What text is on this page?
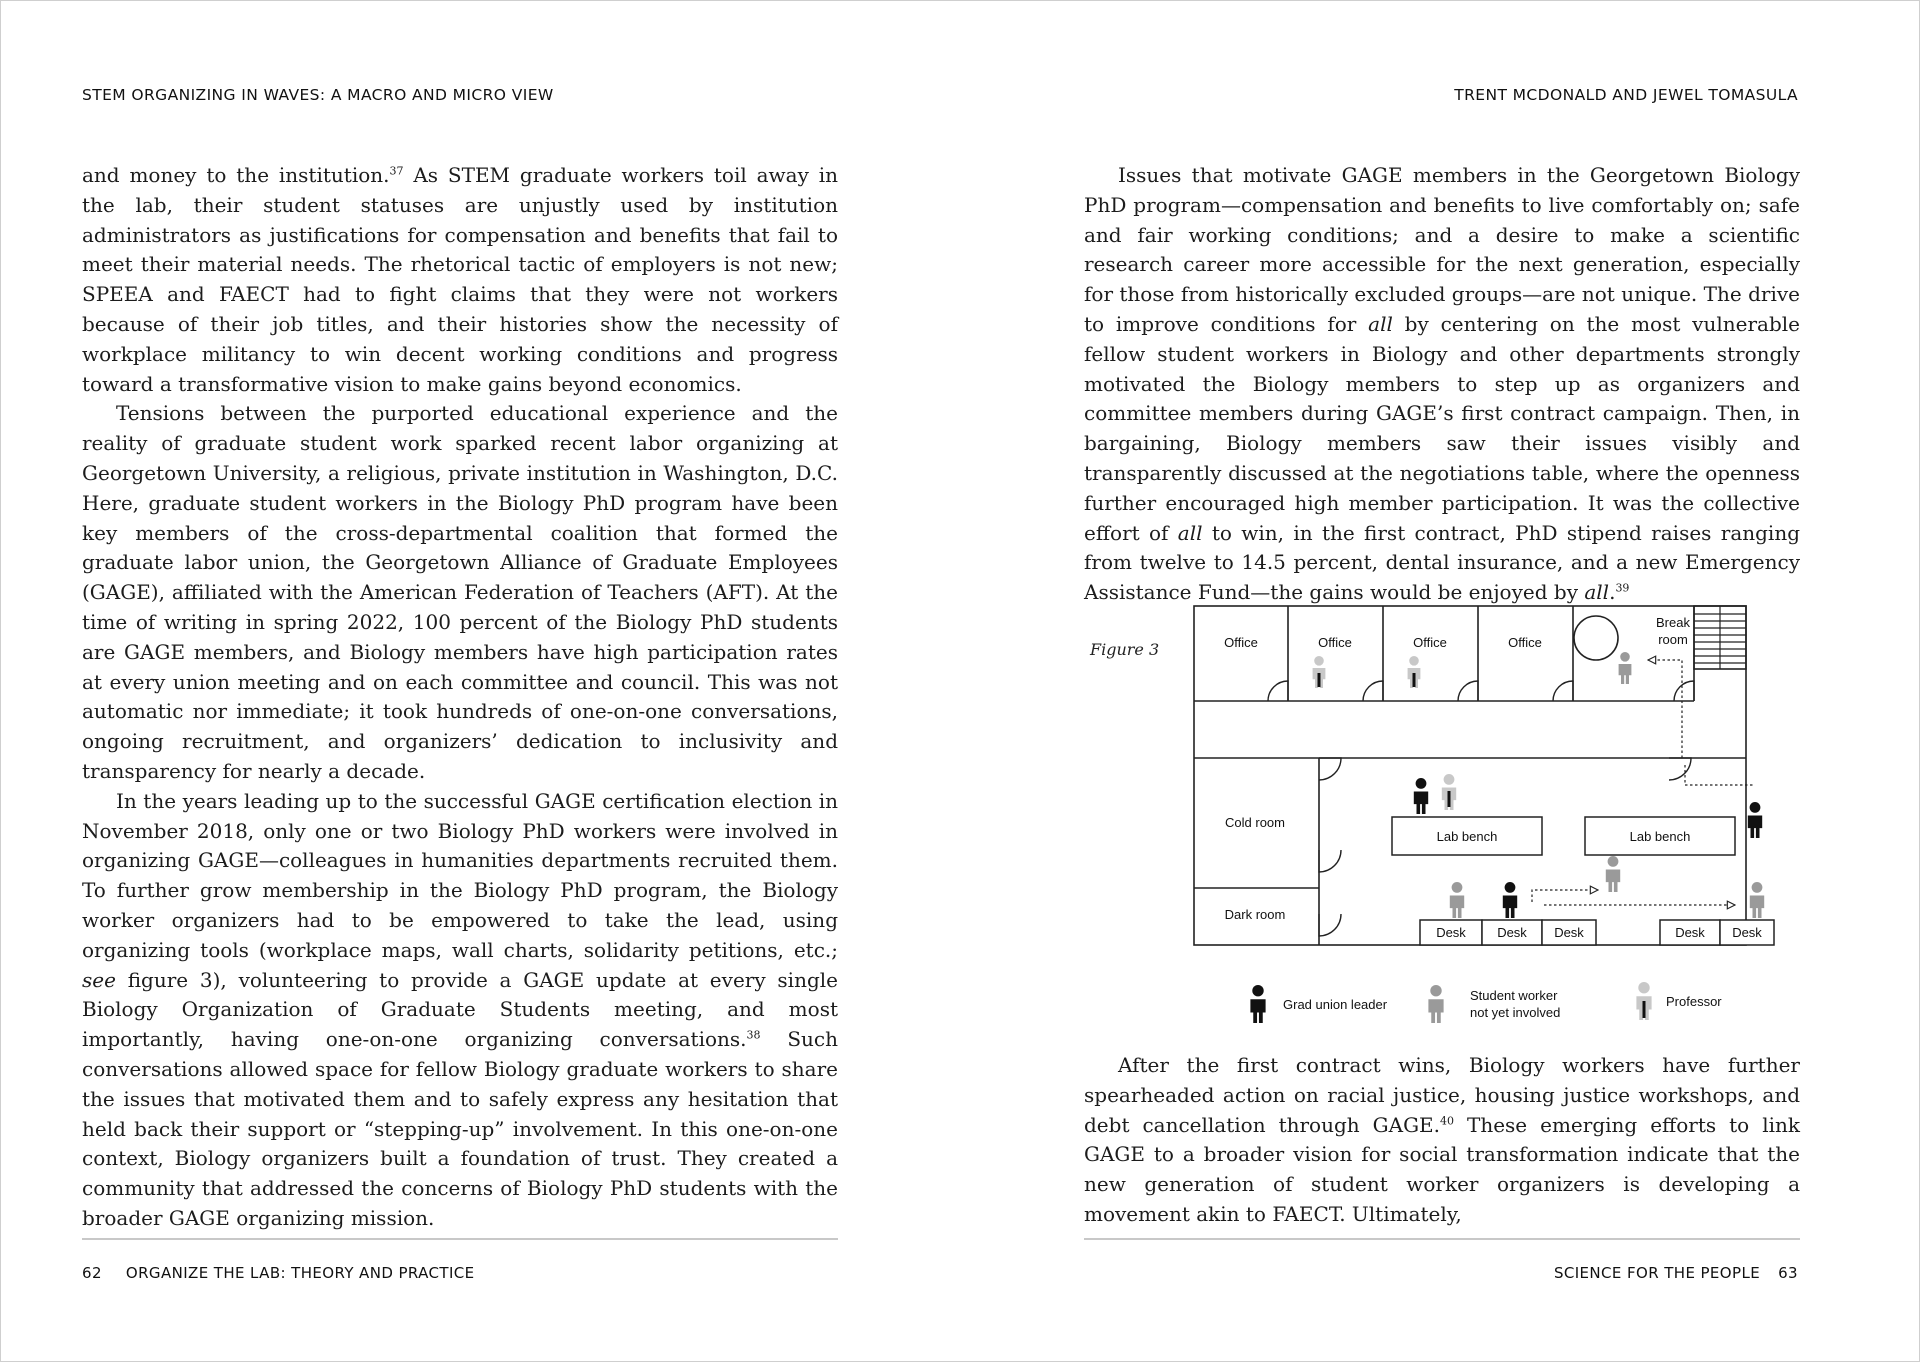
STEM ORGANIZING IN WAVES: A MACRO AND MICRO VIEW

and money to the institution.$^{37}$ As STEM graduate workers toil away in the lab, their student statuses are unjustly used by institution administrators as justifications for compensation and benefits that fail to meet their material needs. The rhetorical tactic of employers is not new; SPEEA and FAECT had to fight claims that they were not workers because of their job titles, and their histories show the necessity of workplace militancy to win decent working conditions and progress toward a transformative vision to make gains beyond economics.

Tensions between the purported educational experience and the reality of graduate student work sparked recent labor organizing at Georgetown University, a religious, private institution in Washington, D.C. Here, graduate student workers in the Biology PhD program have been key members of the cross-departmental coalition that formed the graduate labor union, the Georgetown Alliance of Graduate Employees (GAGE), affiliated with the American Federation of Teachers (AFT). At the time of writing in spring 2022, 100 percent of the Biology PhD students are GAGE members, and Biology members have high participation rates at every union meeting and on each committee and council. This was not automatic nor immediate; it took hundreds of one-on-one conversations, ongoing recruitment, and organizers’ dedication to inclusivity and transparency for nearly a decade.

In the years leading up to the successful GAGE certification election in November 2018, only one or two Biology PhD workers were involved in organizing GAGE—colleagues in humanities departments recruited them. To further grow membership in the Biology PhD program, the Biology worker organizers had to be empowered to take the lead, using organizing tools (workplace maps, wall charts, solidarity petitions, etc.; see figure 3), volunteering to provide a GAGE update at every single Biology Organization of Graduate Students meeting, and most importantly, having one-on-one organizing conversations.$^{38}$ Such conversations allowed space for fellow Biology graduate workers to share the issues that motivated them and to safely express any hesitation that held back their support or “stepping-up” involvement. In this one-on-one context, Biology organizers built a foundation of trust. They created a community that addressed the concerns of Biology PhD students with the broader GAGE organizing mission.

62 ORGANIZE THE LAB: THEORY AND PRACTICE
TRENT MCDONALD AND JEWEL TOMASULA

Issues that motivate GAGE members in the Georgetown Biology PhD program—compensation and benefits to live comfortably on; safe and fair working conditions; and a desire to make a scientific research career more accessible for the next generation, especially for those from historically excluded groups—are not unique. The drive to improve conditions for all by centering on the most vulnerable fellow student workers in Biology and other departments strongly motivated the Biology members to step up as organizers and committee members during GAGE’s first contract campaign. Then, in bargaining, Biology members saw their issues visibly and transparently discussed at the negotiations table, where the openness further encouraged high member participation. It was the collective effort of all to win, in the first contract, PhD stipend raises ranging from twelve to 14.5 percent, dental insurance, and a new Emergency Assistance Fund—the gains would be enjoyed by all.$^{39}$

After the first contract wins, Biology workers have further spearheaded action on racial justice, housing justice workshops, and debt cancellation through GAGE.$^{40}$ These emerging efforts to link GAGE to a broader vision for social transformation indicate that the new generation of student worker organizers is developing a movement akin to FAECT. Ultimately,

Figure 3
SCIENCE FOR THE PEOPLE 63
Office	Office	Office	Office
Break
room
Cold room
Dark room
Lab bench	Lab bench
Desk Desk Desk	Desk Desk
Grad union leader
Student worker
not yet involved
Professor
